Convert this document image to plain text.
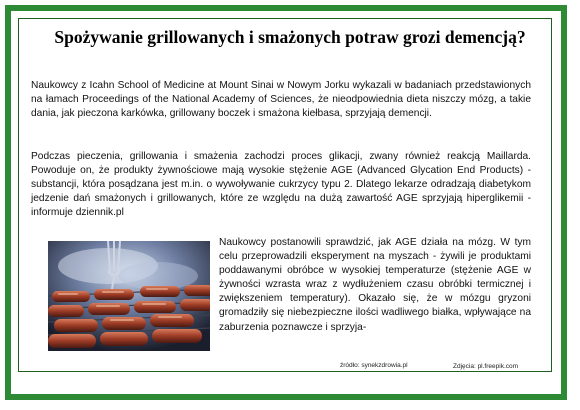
Spożywanie grillowanych i smażonych potraw grozi demencją?
Naukowcy z Icahn School of Medicine at Mount Sinai w Nowym Jorku wykazali w badaniach przedstawionych na łamach Proceedings of the National Academy of Sciences, że nieodpowiednia dieta niszczy mózg, a takie dania, jak pieczona karkówka, grillowany boczek i smażona kiełbasa, sprzyjają demencji.
Podczas pieczenia, grillowania i smażenia zachodzi proces glikacji, zwany również reakcją Maillarda. Powoduje on, że produkty żywnościowe mają wysokie stężenie AGE (Advanced Glycation End Products) - substancji, która posądzana jest m.in. o wywoływanie cukrzycy typu 2. Dlatego lekarze odradzają diabetykom jedzenie dań smażonych i grillowanych, które ze względu na dużą zawartość AGE sprzyjają hiperglikemii - informuje dziennik.pl
Naukowcy postanowili sprawdzić, jak AGE działa na mózg. W tym celu przeprowadzili eksperyment na myszach - żywili je produktami poddawanymi obróbce w wysokiej temperaturze (stężenie AGE w żywności wzrasta wraz z wydłużeniem czasu obróbki termicznej i zwiększeniem temperatury). Okazało się, że w mózgu gryzoni gromadziły się niebezpieczne ilości wadliwego białka, wpływające na zaburzenia poznawcze i sprzyja-
źródło: synekzdrowia.pl	Zdjęcia: pl.freepik.com
